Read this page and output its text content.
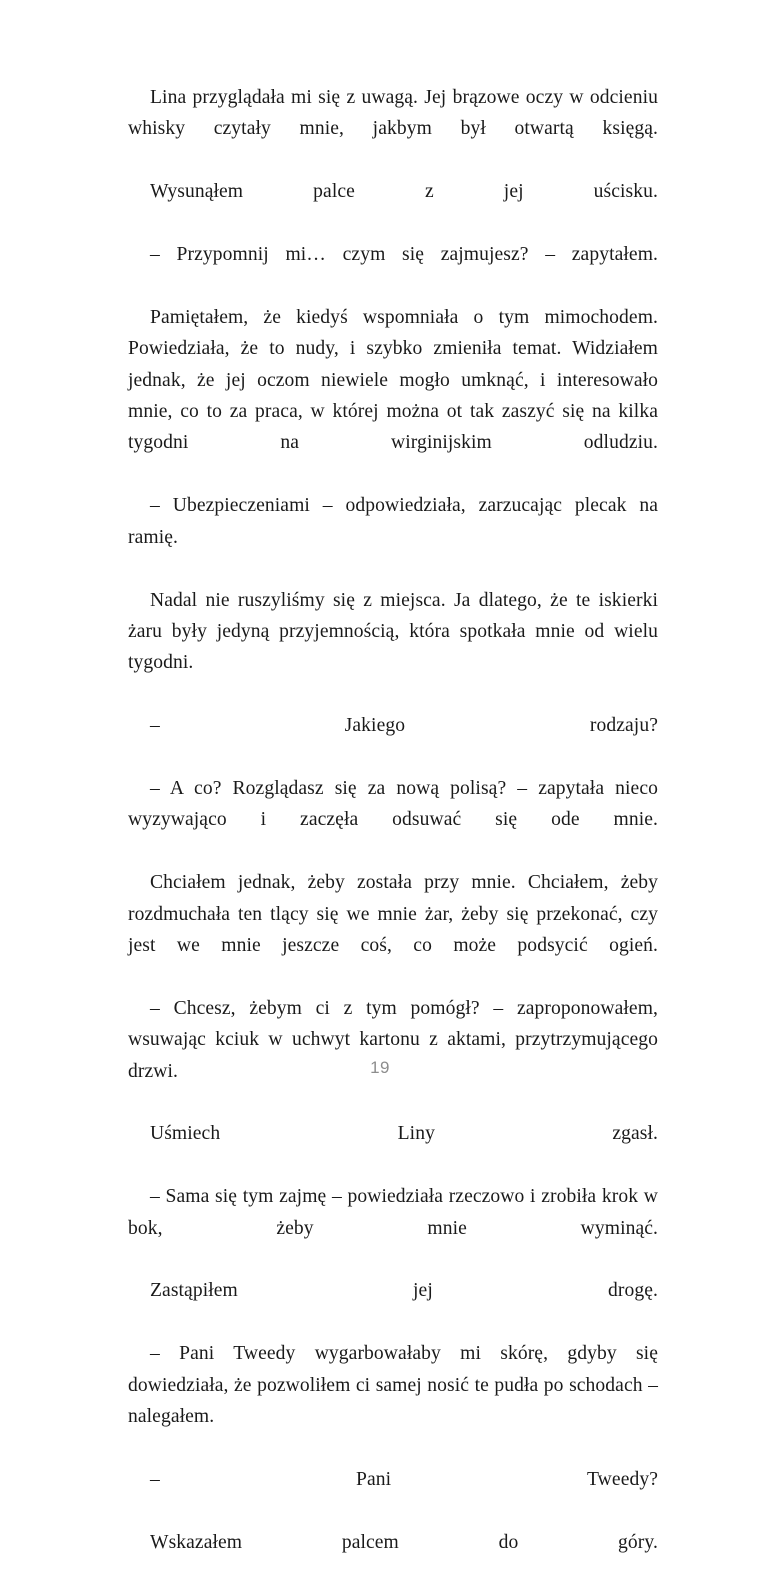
Lina przyglądała mi się z uwagą. Jej brązowe oczy w odcieniu whisky czytały mnie, jakbym był otwartą księgą.

Wysunąłem palce z jej uścisku.

– Przypomnij mi… czym się zajmujesz? – zapytałem.

Pamiętałem, że kiedyś wspomniała o tym mimochodem. Powiedziała, że to nudy, i szybko zmieniła temat. Widziałem jednak, że jej oczom niewiele mogło umknąć, i interesowało mnie, co to za praca, w której można ot tak zaszyć się na kilka tygodni na wirginijskim odludziu.

– Ubezpieczeniami – odpowiedziała, zarzucając plecak na ramię.

Nadal nie ruszyliśmy się z miejsca. Ja dlatego, że te iskierki żaru były jedyną przyjemnością, która spotkała mnie od wielu tygodni.

– Jakiego rodzaju?

– A co? Rozglądasz się za nową polisą? – zapytała nieco wyzywająco i zaczęła odsuwać się ode mnie.

Chciałem jednak, żeby została przy mnie. Chciałem, żeby rozdmuchała ten tlący się we mnie żar, żeby się przekonać, czy jest we mnie jeszcze coś, co może podsycić ogień.

– Chcesz, żebym ci z tym pomógł? – zaproponowałem, wsuwając kciuk w uchwyt kartonu z aktami, przytrzymującego drzwi.

Uśmiech Liny zgasł.

– Sama się tym zajmę – powiedziała rzeczowo i zrobiła krok w bok, żeby mnie wyminąć.

Zastąpiłem jej drogę.

– Pani Tweedy wygarbowałaby mi skórę, gdyby się dowiedziała, że pozwoliłem ci samej nosić te pudła po schodach – nalegałem.

– Pani Tweedy?

Wskazałem palcem do góry.

19
